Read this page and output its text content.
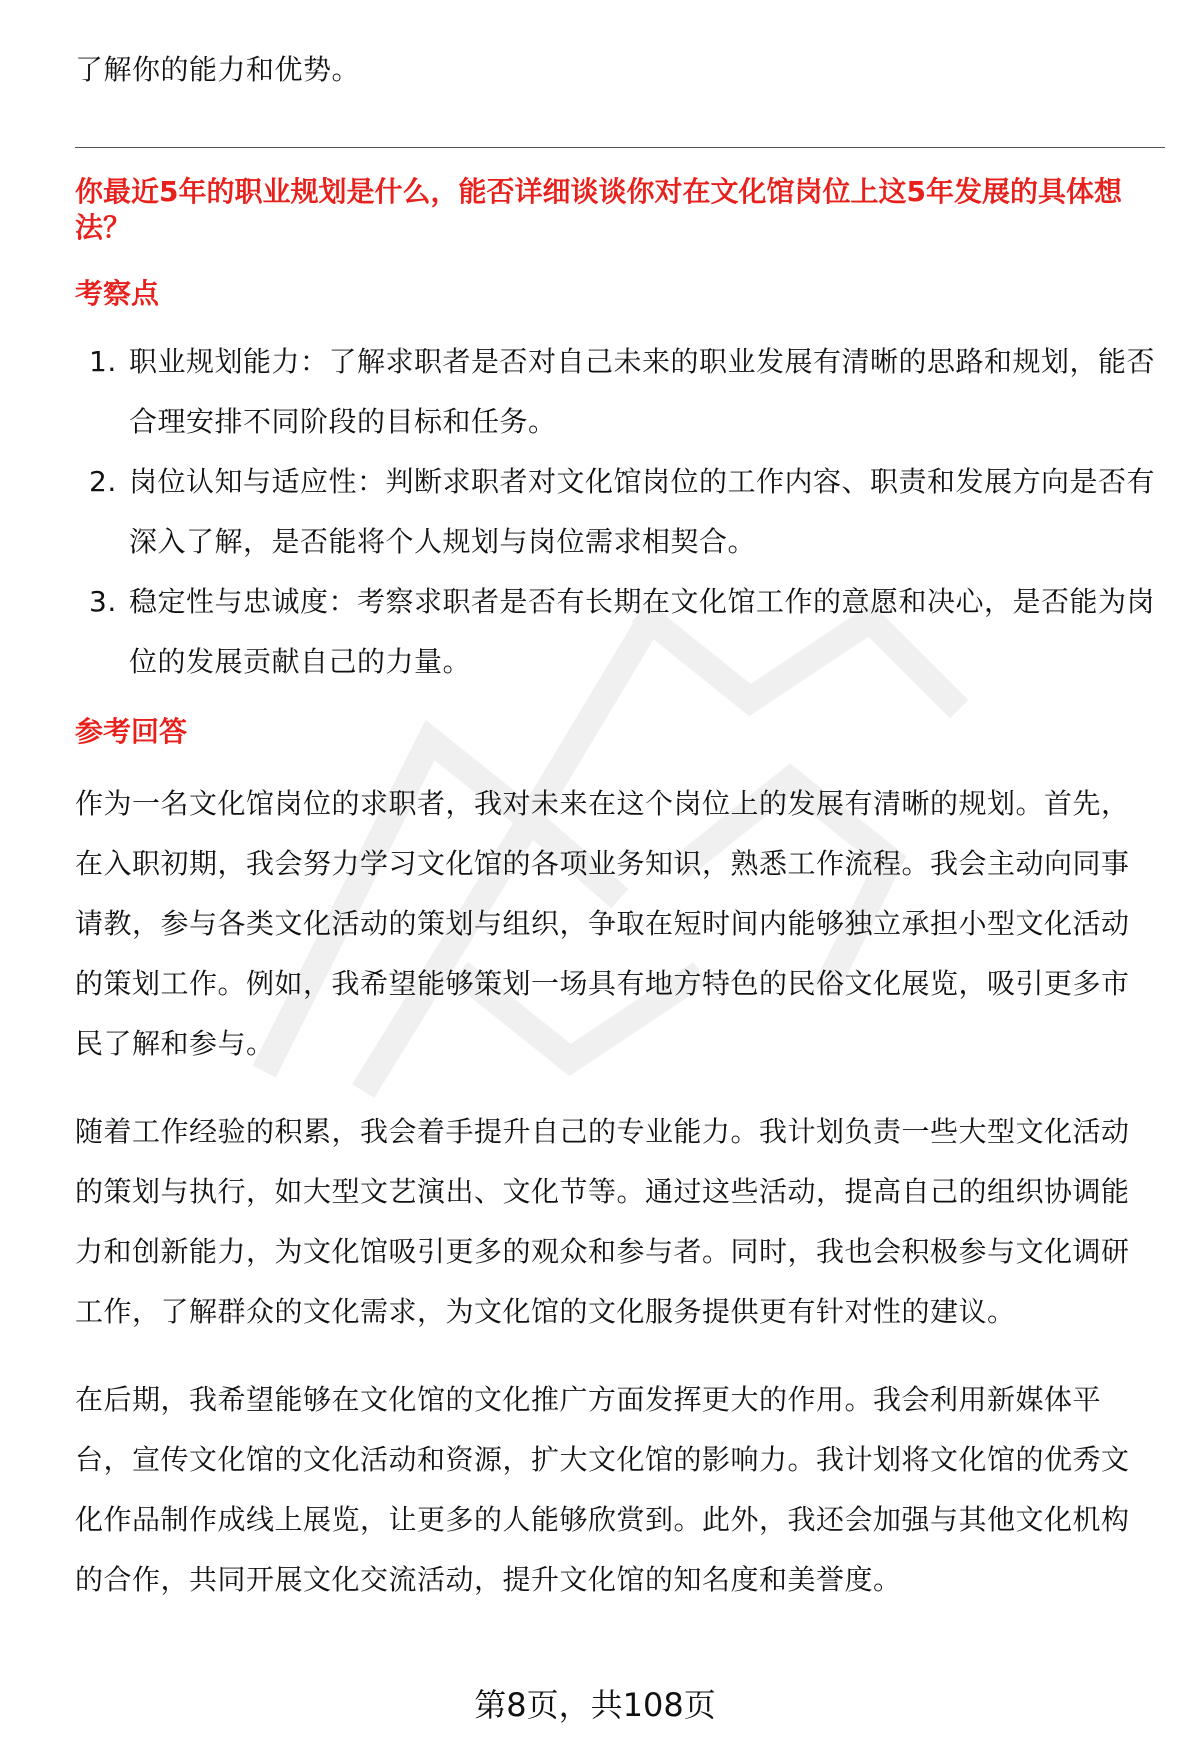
了解你的能力和优势。

你最近5年的职业规划是什么，能否详细谈谈你对在文化馆岗位上这5年发展的具体想法？

考察点

1. 职业规划能力：了解求职者是否对自己未来的职业发展有清晰的思路和规划，能否合理安排不同阶段的目标和任务。
2. 岗位认知与适应性：判断求职者对文化馆岗位的工作内容、职责和发展方向是否有深入了解，是否能将个人规划与岗位需求相契合。
3. 稳定性与忠诚度：考察求职者是否有长期在文化馆工作的意愿和决心，是否能为岗位的发展贡献自己的力量。

参考回答

作为一名文化馆岗位的求职者，我对未来在这个岗位上的发展有清晰的规划。首先，在入职初期，我会努力学习文化馆的各项业务知识，熟悉工作流程。我会主动向同事请教，参与各类文化活动的策划与组织，争取在短时间内能够独立承担小型文化活动的策划工作。例如，我希望能够策划一场具有地方特色的民俗文化展览，吸引更多市民了解和参与。

随着工作经验的积累，我会着手提升自己的专业能力。我计划负责一些大型文化活动的策划与执行，如大型文艺演出、文化节等。通过这些活动，提高自己的组织协调能力和创新能力，为文化馆吸引更多的观众和参与者。同时，我也会积极参与文化调研工作，了解群众的文化需求，为文化馆的文化服务提供更有针对性的建议。

在后期，我希望能够在文化馆的文化推广方面发挥更大的作用。我会利用新媒体平台，宣传文化馆的文化活动和资源，扩大文化馆的影响力。我计划将文化馆的优秀文化作品制作成线上展览，让更多的人能够欣赏到。此外，我还会加强与其他文化机构的合作，共同开展文化交流活动，提升文化馆的知名度和美誉度。

第8页，共108页
